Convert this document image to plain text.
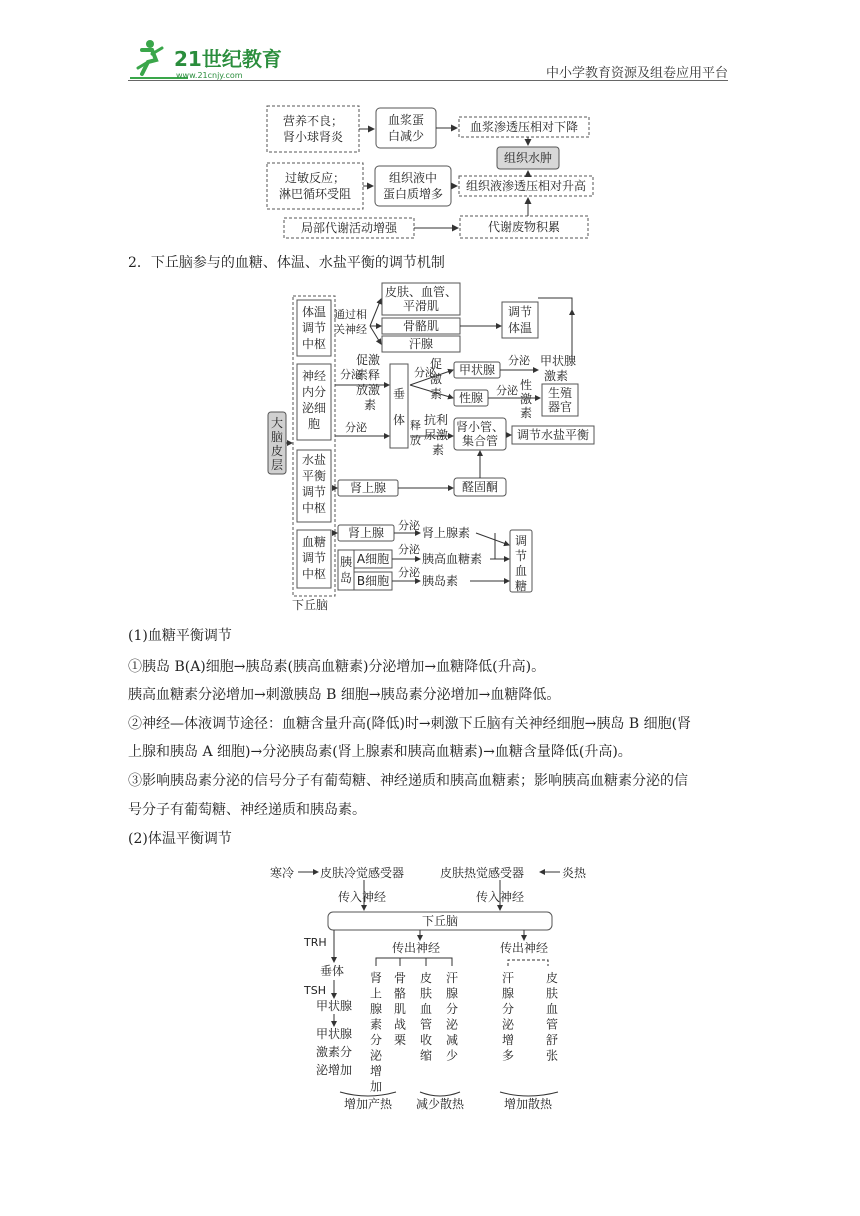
21世纪教育
www.21cnjy.com	中小学教育资源及组卷应用平台
营养不良；
肾小球肾炎
血浆蛋
白减少
血浆渗透压相对下降
组织水肿
过敏反应；
淋巴循环受阻
组织液中
蛋白质增多
组织液渗透压相对升高
局部代谢活动增强	代谢废物积累
2．下丘脑参与的血糖、体温、水盐平衡的调节机制
大
脑
皮
层
下丘脑
体温
调节
中枢
神经
内分
泌细
胞
水盐
平衡
调节
中枢
血糖
调节
中枢
通过相
关神经
皮肤、血管、
平滑肌
骨骼肌
汗腺
调节
体温
分泌
促激
素释
放激
素
垂
体
分泌
促
激
素
甲状腺
性腺
分泌
分泌
甲状腺
激素
性
激
素
生殖
器官
分泌	释
放
抗利
尿激
素
肾小管、
集合管 调节水盐平衡
肾上腺	醛固酮
肾上腺
分泌
肾上腺素
胰
岛
A细胞
B细胞
分泌
分泌
胰高血糖素
胰岛素
调
节
血
糖
(1)血糖平衡调节
①胰岛 B(A)细胞→胰岛素(胰高血糖素)分泌增加→血糖降低(升高)。
胰高血糖素分泌增加→刺激胰岛 B 细胞→胰岛素分泌增加→血糖降低。
②神经—体液调节途径：血糖含量升高(降低)时→刺激下丘脑有关神经细胞→胰岛 B 细胞(肾
上腺和胰岛 A 细胞)→分泌胰岛素(肾上腺素和胰高血糖素)→血糖含量降低(升高)。
③影响胰岛素分泌的信号分子有葡萄糖、神经递质和胰高血糖素；影响胰高血糖素分泌的信
号分子有葡萄糖、神经递质和胰岛素。
(2)体温平衡调节
寒冷 皮肤冷觉感受器	皮肤热觉感受器	炎热
传入神经	传入神经
下丘脑
TRH
垂体
TSH
甲状腺
甲状腺
激素分
泌增加
传出神经	传出神经
肾上腺素分泌增加
骨骼肌战栗
皮肤血管收缩
汗腺分泌减少
汗腺分泌增多
皮肤血管舒张
增加产热 减少散热	增加散热
